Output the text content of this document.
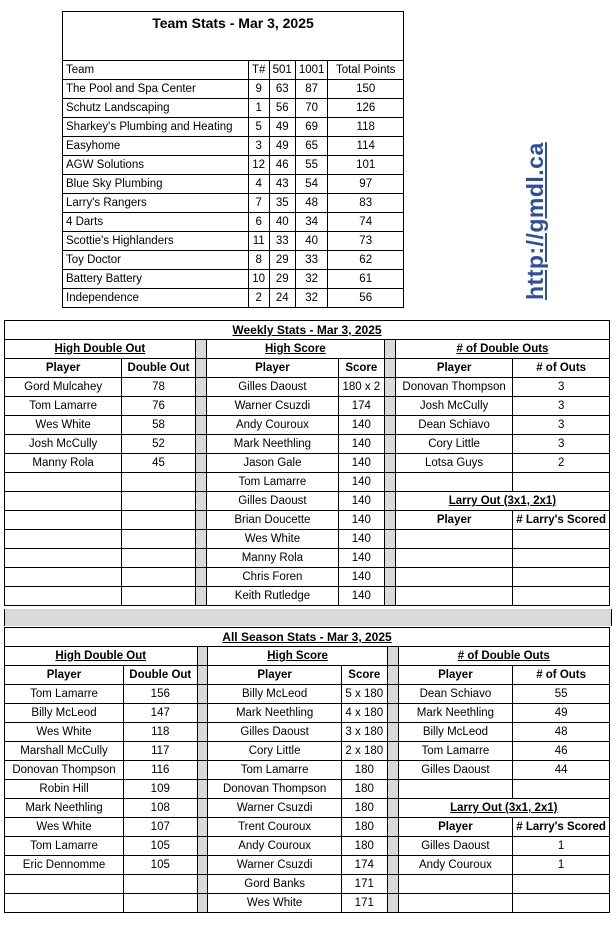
Team Stats - Mar 3, 2025				

Team	T#	501	1001	Total Points
The Pool and Spa Center	9	63	87	150
Schutz Landscaping	1	56	70	126
Sharkey's Plumbing and Heating	5	49	69	118
Easyhome	3	49	65	114
AGW Solutions	12	46	55	101
Blue Sky Plumbing	4	43	54	97
Larry's Rangers	7	35	48	83
4 Darts	6	40	34	74
Scottie's Highlanders	11	33	40	73
Toy Doctor	8	29	33	62
Battery Battery	10	29	32	61
Independence	2	24	32	56	http://gmdl.ca
Weekly Stats - Mar 3, 2025							
High Double Out			High Score			# of Double Outs	
Player	Double Out		Player	Score		Player	# of Outs
Gord Mulcahey	78		Gilles Daoust	180 x 2		Donovan Thompson	3
Tom Lamarre	76		Warner Csuzdi	174		Josh McCully	3
Wes White	58		Andy Couroux	140		Dean Schiavo	3
Josh McCully	52		Mark Neethling	140		Cory Little	3
Manny Rola	45		Jason Gale	140		Lotsa Guys	2
			Tom Lamarre	140			
			Gilles Daoust	140		Larry Out (3x1, 2x1)	
			Brian Doucette	140		Player	# Larry's Scored
			Wes White	140			
			Manny Rola	140			
			Chris Foren	140			
			Keith Rutledge	140			
All Season Stats - Mar 3, 2025							
High Double Out			High Score			# of Double Outs	
Player	Double Out		Player	Score		Player	# of Outs
Tom Lamarre	156		Billy McLeod	5 x 180		Dean Schiavo	55
Billy McLeod	147		Mark Neethling	4 x 180		Mark Neethling	49
Wes White	118		Gilles Daoust	3 x 180		Billy McLeod	48
Marshall McCully	117		Cory Little	2 x 180		Tom Lamarre	46
Donovan Thompson	116		Tom Lamarre	180		Gilles Daoust	44
Robin Hill	109		Donovan Thompson	180			
Mark Neethling	108		Warner Csuzdi	180		Larry Out (3x1, 2x1)	
Wes White	107		Trent Couroux	180		Player	# Larry's Scored
Tom Lamarre	105		Andy Couroux	180		Gilles Daoust	1
Eric Dennomme	105		Warner Csuzdi	174		Andy Couroux	1
			Gord Banks	171			
			Wes White	171			
